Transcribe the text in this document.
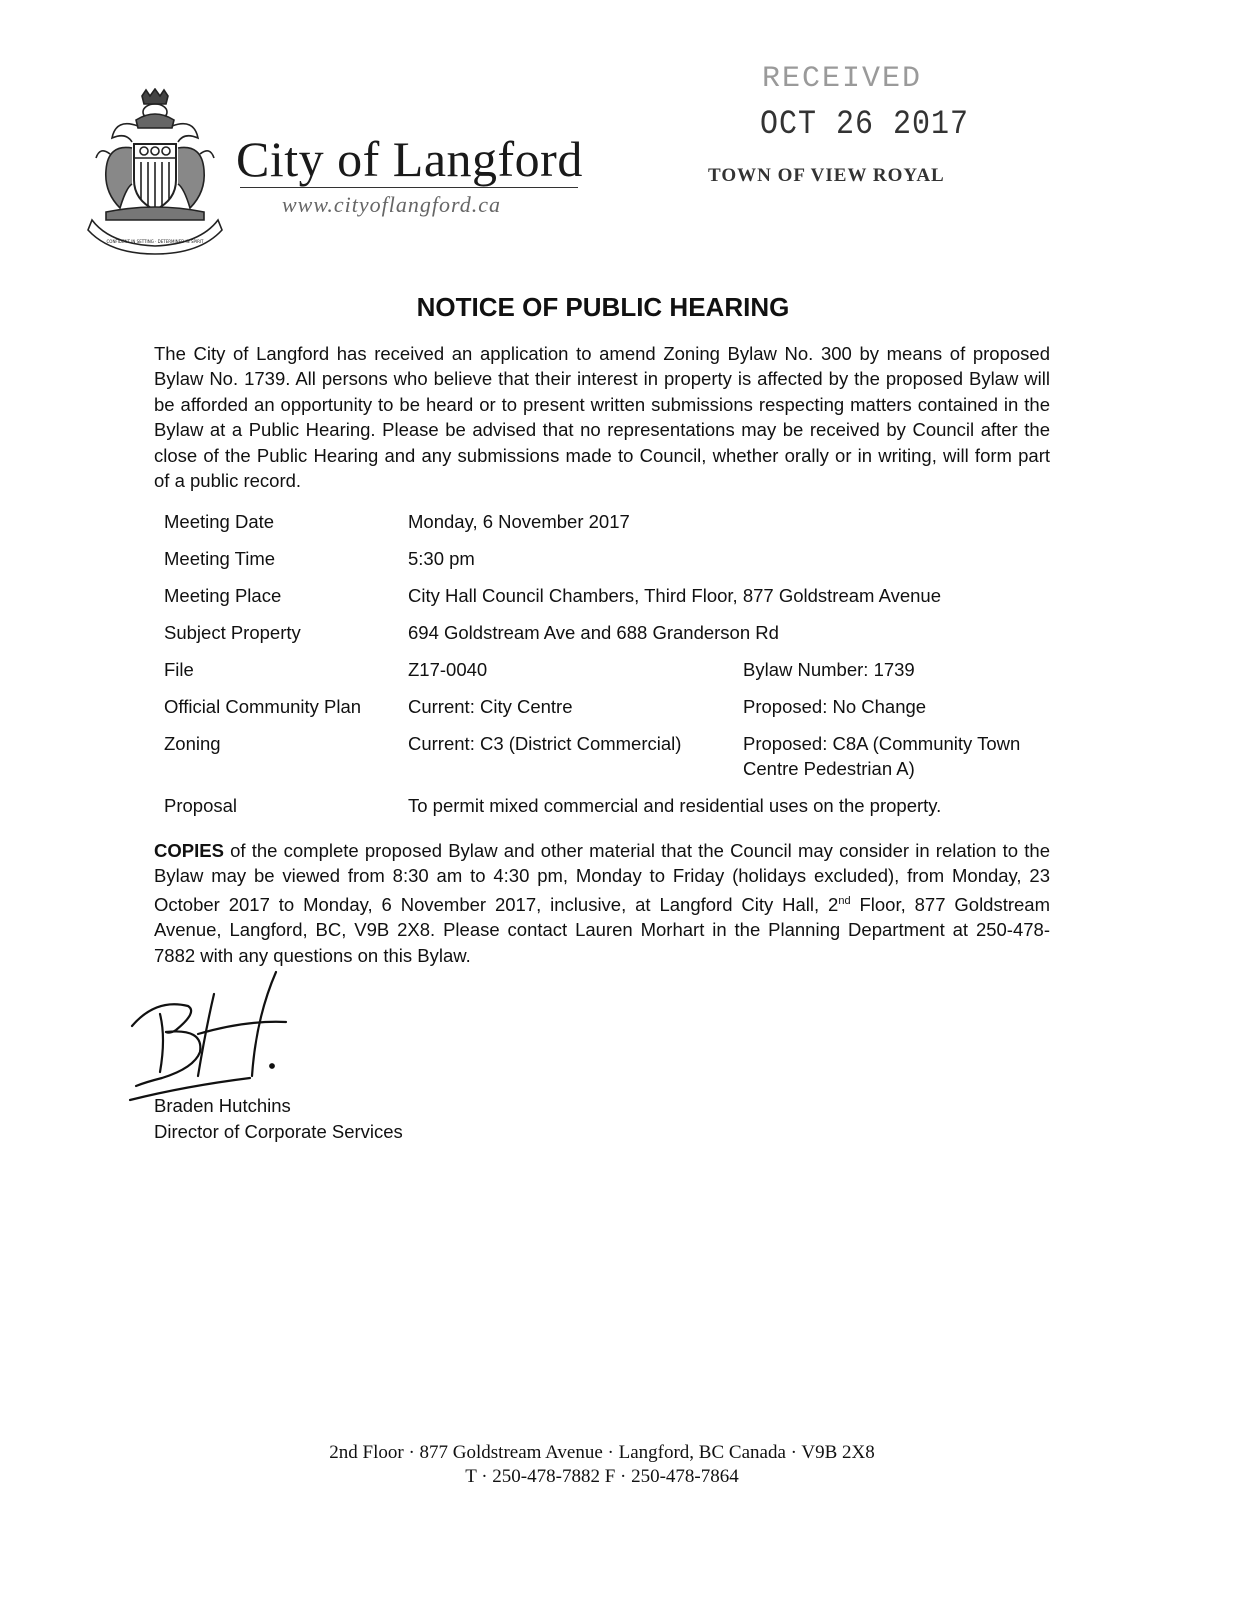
CONFIDENT IN SETTING · DETERMINED IN SPIRIT
City of Langford
www.cityoflangford.ca
RECEIVED
OCT 26 2017
TOWN OF VIEW ROYAL
NOTICE OF PUBLIC HEARING
The City of Langford has received an application to amend Zoning Bylaw No. 300 by means of proposed Bylaw No. 1739. All persons who believe that their interest in property is affected by the proposed Bylaw will be afforded an opportunity to be heard or to present written submissions respecting matters contained in the Bylaw at a Public Hearing. Please be advised that no representations may be received by Council after the close of the Public Hearing and any submissions made to Council, whether orally or in writing, will form part of a public record.
Meeting Date	Monday, 6 November 2017	
Meeting Time	5:30 pm	
Meeting Place	City Hall Council Chambers, Third Floor, 877 Goldstream Avenue	
Subject Property	694 Goldstream Ave and 688 Granderson Rd	
File	Z17-0040	Bylaw Number: 1739
Official Community Plan	Current: City Centre	Proposed: No Change
Zoning	Current: C3 (District Commercial)	Proposed: C8A (Community Town Centre Pedestrian A)
Proposal	To permit mixed commercial and residential uses on the property.	
COPIES of the complete proposed Bylaw and other material that the Council may consider in relation to the Bylaw may be viewed from 8:30 am to 4:30 pm, Monday to Friday (holidays excluded), from Monday, 23 October 2017 to Monday, 6 November 2017, inclusive, at Langford City Hall, 2nd Floor, 877 Goldstream Avenue, Langford, BC, V9B 2X8. Please contact Lauren Morhart in the Planning Department at 250-478-7882 with any questions on this Bylaw.
Braden Hutchins
Director of Corporate Services
2nd Floor · 877 Goldstream Avenue · Langford, BC Canada · V9B 2X8
T · 250-478-7882 F · 250-478-7864
